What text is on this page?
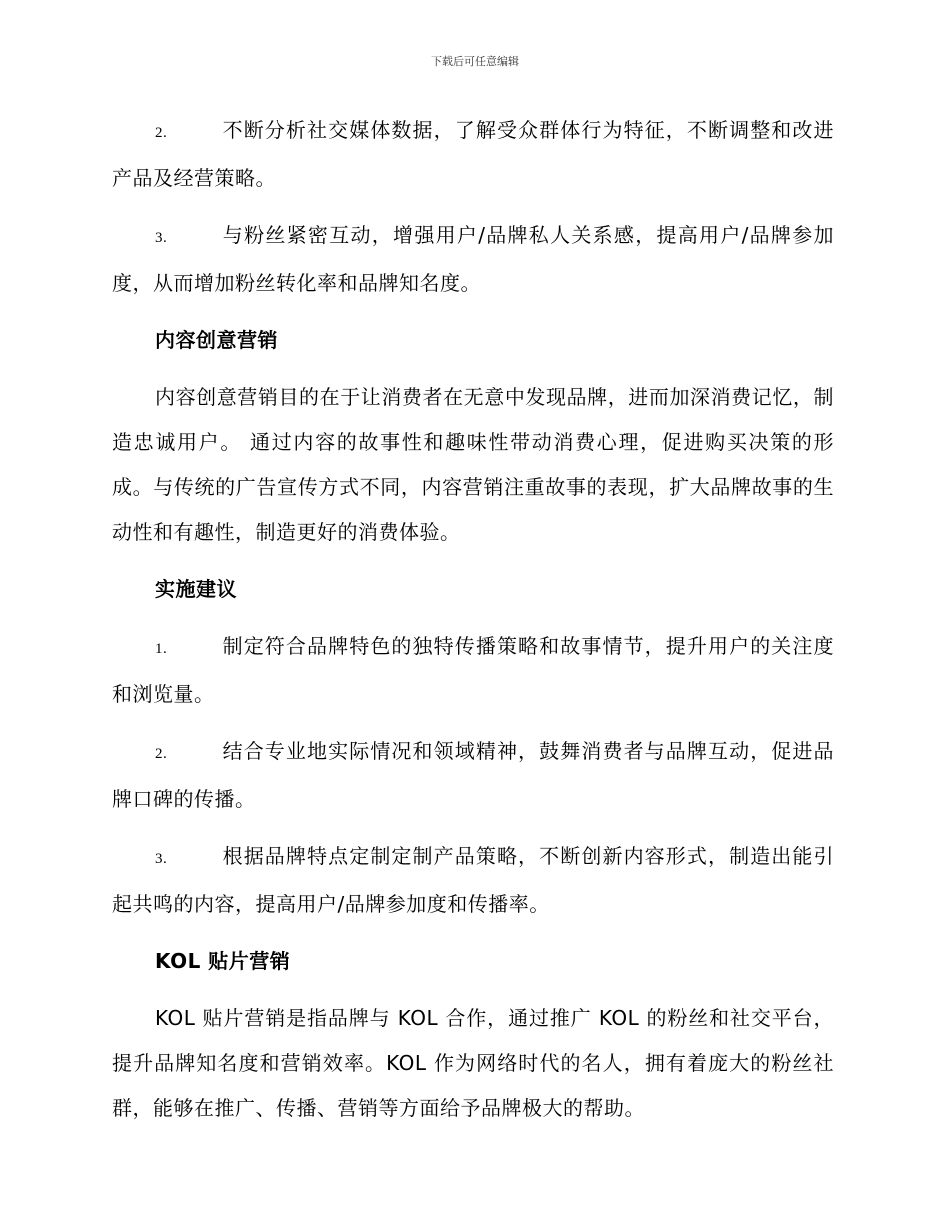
下载后可任意编辑

2.	不断分析社交媒体数据，了解受众群体行为特征，不断调整和改进产品及经营策略。

3.	与粉丝紧密互动，增强用户/品牌私人关系感，提高用户/品牌参加度，从而增加粉丝转化率和品牌知名度。

内容创意营销

内容创意营销目的在于让消费者在无意中发现品牌，进而加深消费记忆，制造忠诚用户。 通过内容的故事性和趣味性带动消费心理，促进购买决策的形成。与传统的广告宣传方式不同，内容营销注重故事的表现，扩大品牌故事的生动性和有趣性，制造更好的消费体验。

实施建议

1.	制定符合品牌特色的独特传播策略和故事情节，提升用户的关注度和浏览量。

2.	结合专业地实际情况和领域精神，鼓舞消费者与品牌互动，促进品牌口碑的传播。

3.	根据品牌特点定制定制产品策略，不断创新内容形式，制造出能引起共鸣的内容，提高用户/品牌参加度和传播率。

KOL 贴片营销

KOL 贴片营销是指品牌与 KOL 合作，通过推广 KOL 的粉丝和社交平台，提升品牌知名度和营销效率。KOL 作为网络时代的名人，拥有着庞大的粉丝社群，能够在推广、传播、营销等方面给予品牌极大的帮助。
